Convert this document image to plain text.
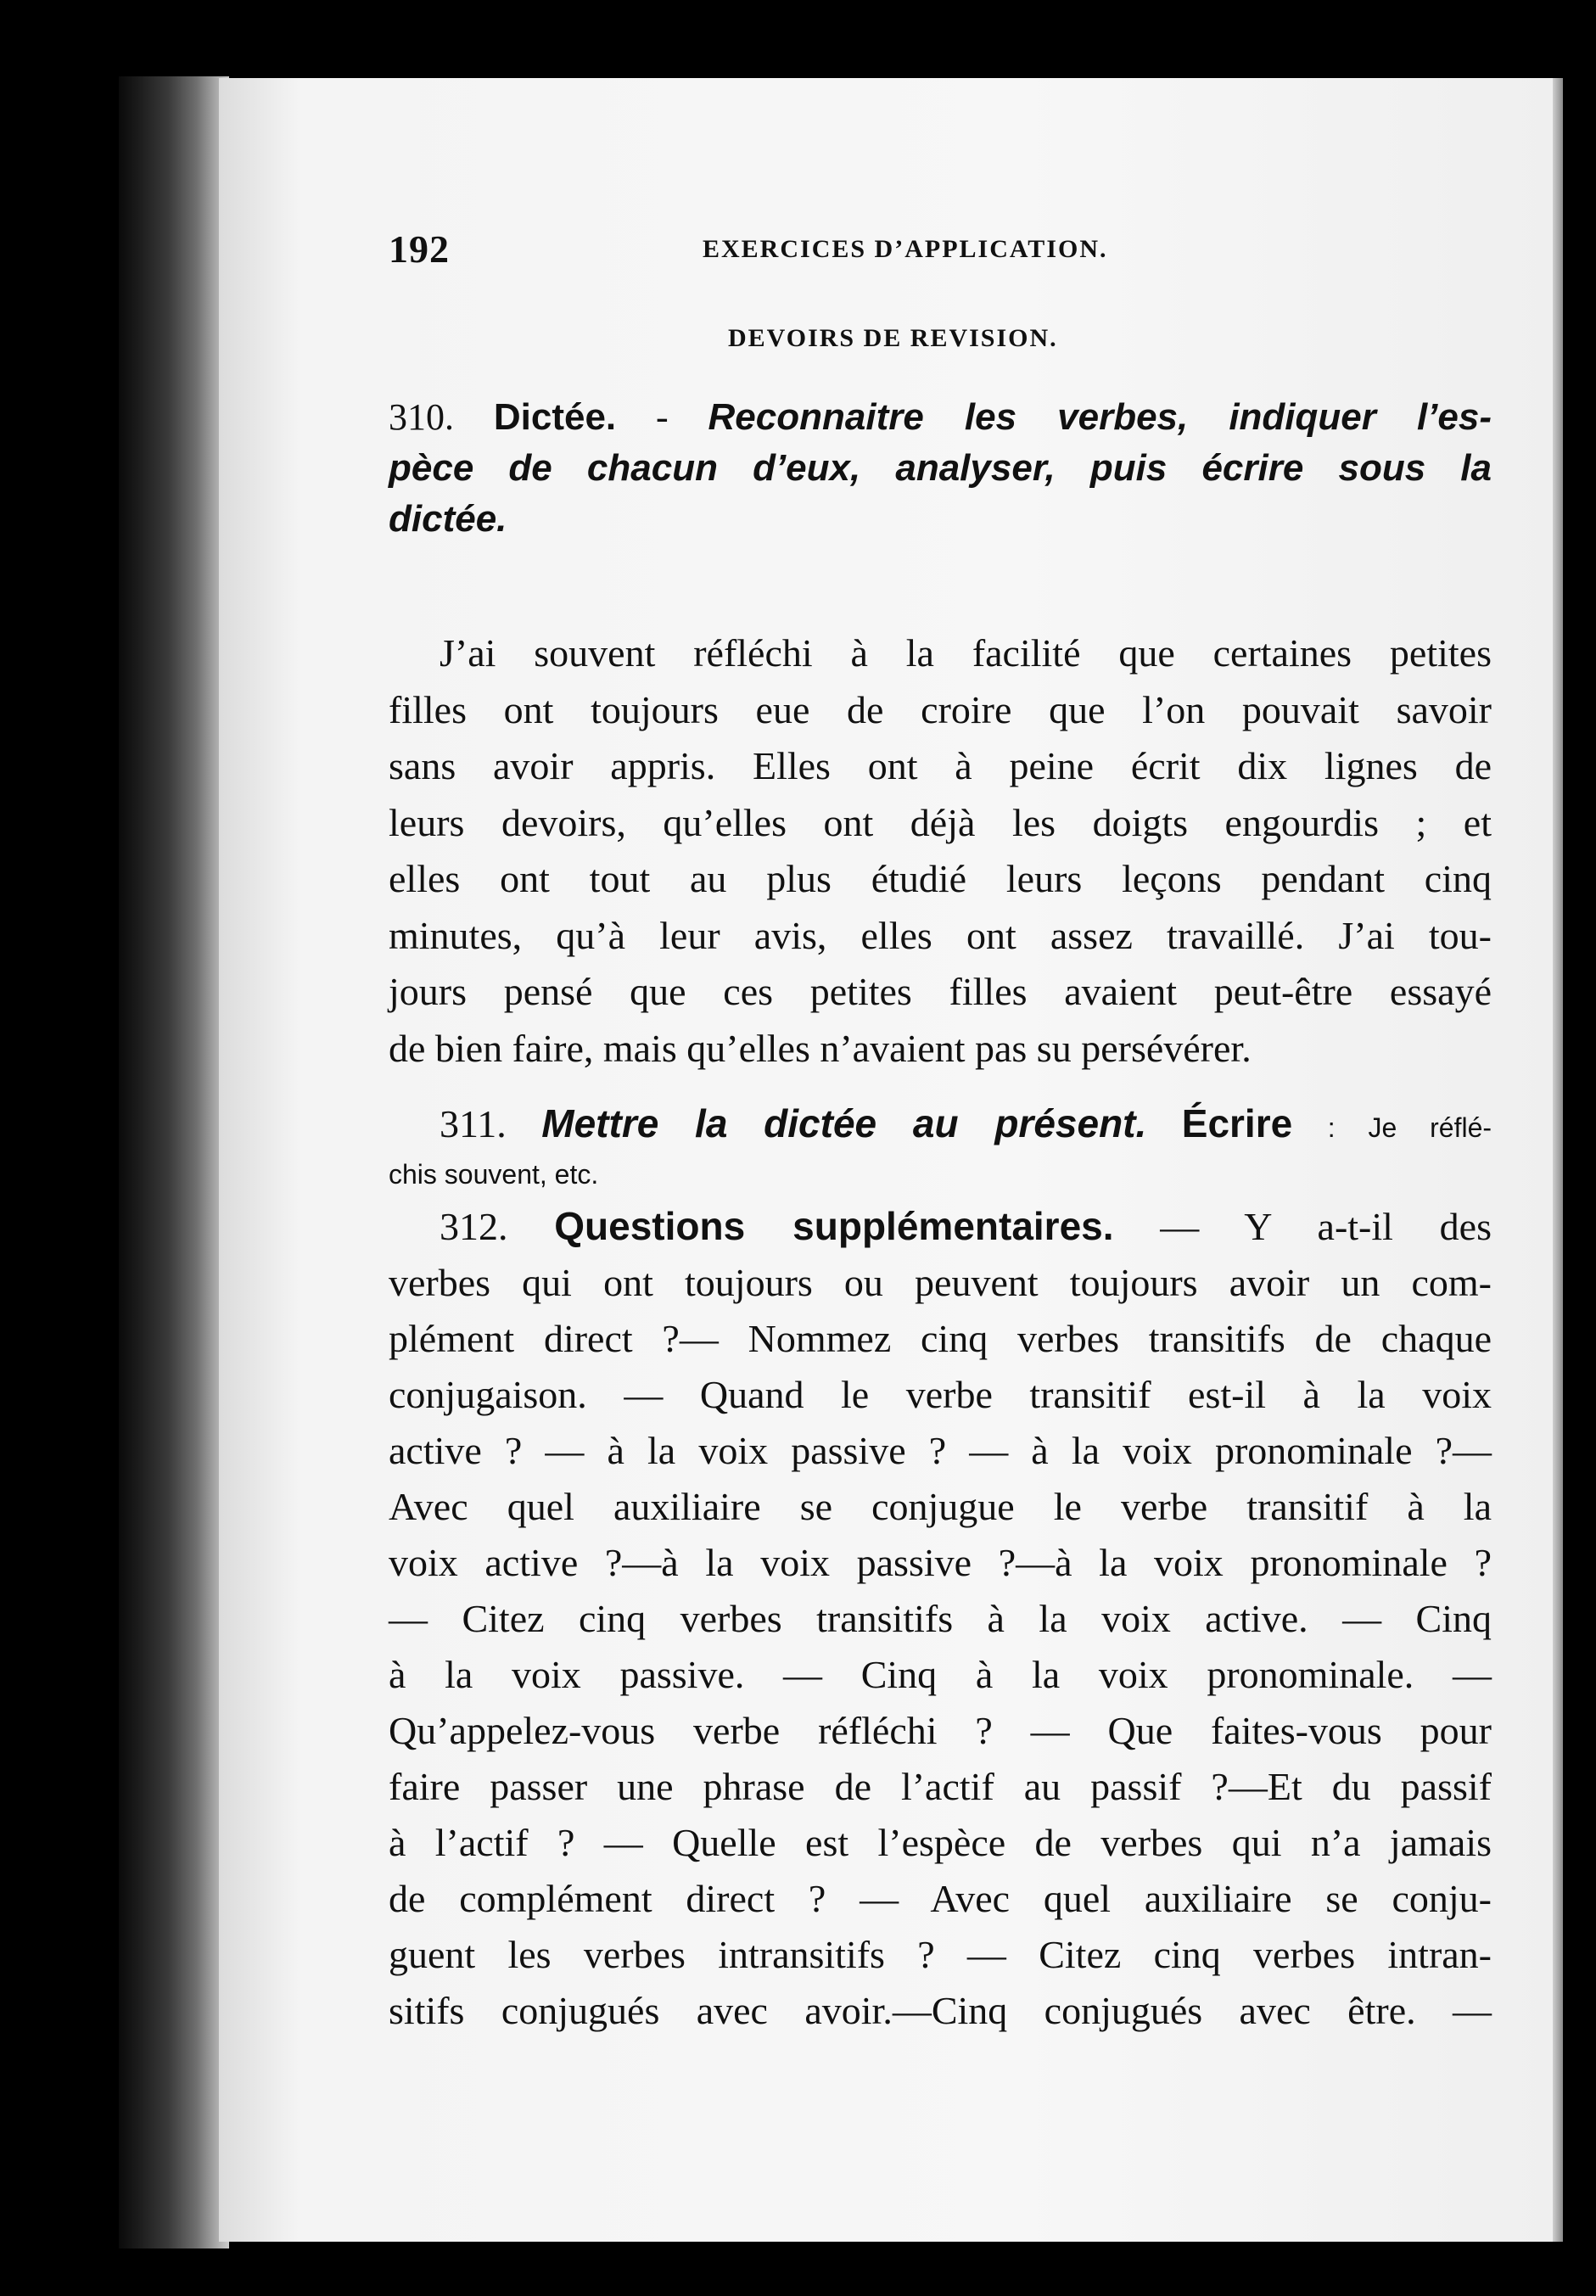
192	EXERCICES D’APPLICATION.
DEVOIRS DE REVISION.
310. Dictée. - Reconnaitre les verbes, indiquer l’es-
pèce de chacun d’eux, analyser, puis écrire sous la
dictée.
J’ai souvent réfléchi à la facilité que certaines petites
filles ont toujours eue de croire que l’on pouvait savoir
sans avoir appris. Elles ont à peine écrit dix lignes de
leurs devoirs, qu’elles ont déjà les doigts engourdis ; et
elles ont tout au plus étudié leurs leçons pendant cinq
minutes, qu’à leur avis, elles ont assez travaillé. J’ai tou-
jours pensé que ces petites filles avaient peut-être essayé
de bien faire, mais qu’elles n’avaient pas su persévérer.
311. Mettre la dictée au présent. Écrire : Je réflé-
chis souvent, etc.
312. Questions supplémentaires. — Y a-t-il des
verbes qui ont toujours ou peuvent toujours avoir un com-
plément direct ?— Nommez cinq verbes transitifs de chaque
conjugaison. — Quand le verbe transitif est-il à la voix
active ? — à la voix passive ? — à la voix pronominale ?—
Avec quel auxiliaire se conjugue le verbe transitif à la
voix active ?—à la voix passive ?—à la voix pronominale ?
— Citez cinq verbes transitifs à la voix active. — Cinq
à la voix passive. — Cinq à la voix pronominale. —
Qu’appelez-vous verbe réfléchi ? — Que faites-vous pour
faire passer une phrase de l’actif au passif ?—Et du passif
à l’actif ? — Quelle est l’espèce de verbes qui n’a jamais
de complément direct ? — Avec quel auxiliaire se conju-
guent les verbes intransitifs ? — Citez cinq verbes intran-
sitifs conjugués avec avoir.—Cinq conjugués avec être. —
